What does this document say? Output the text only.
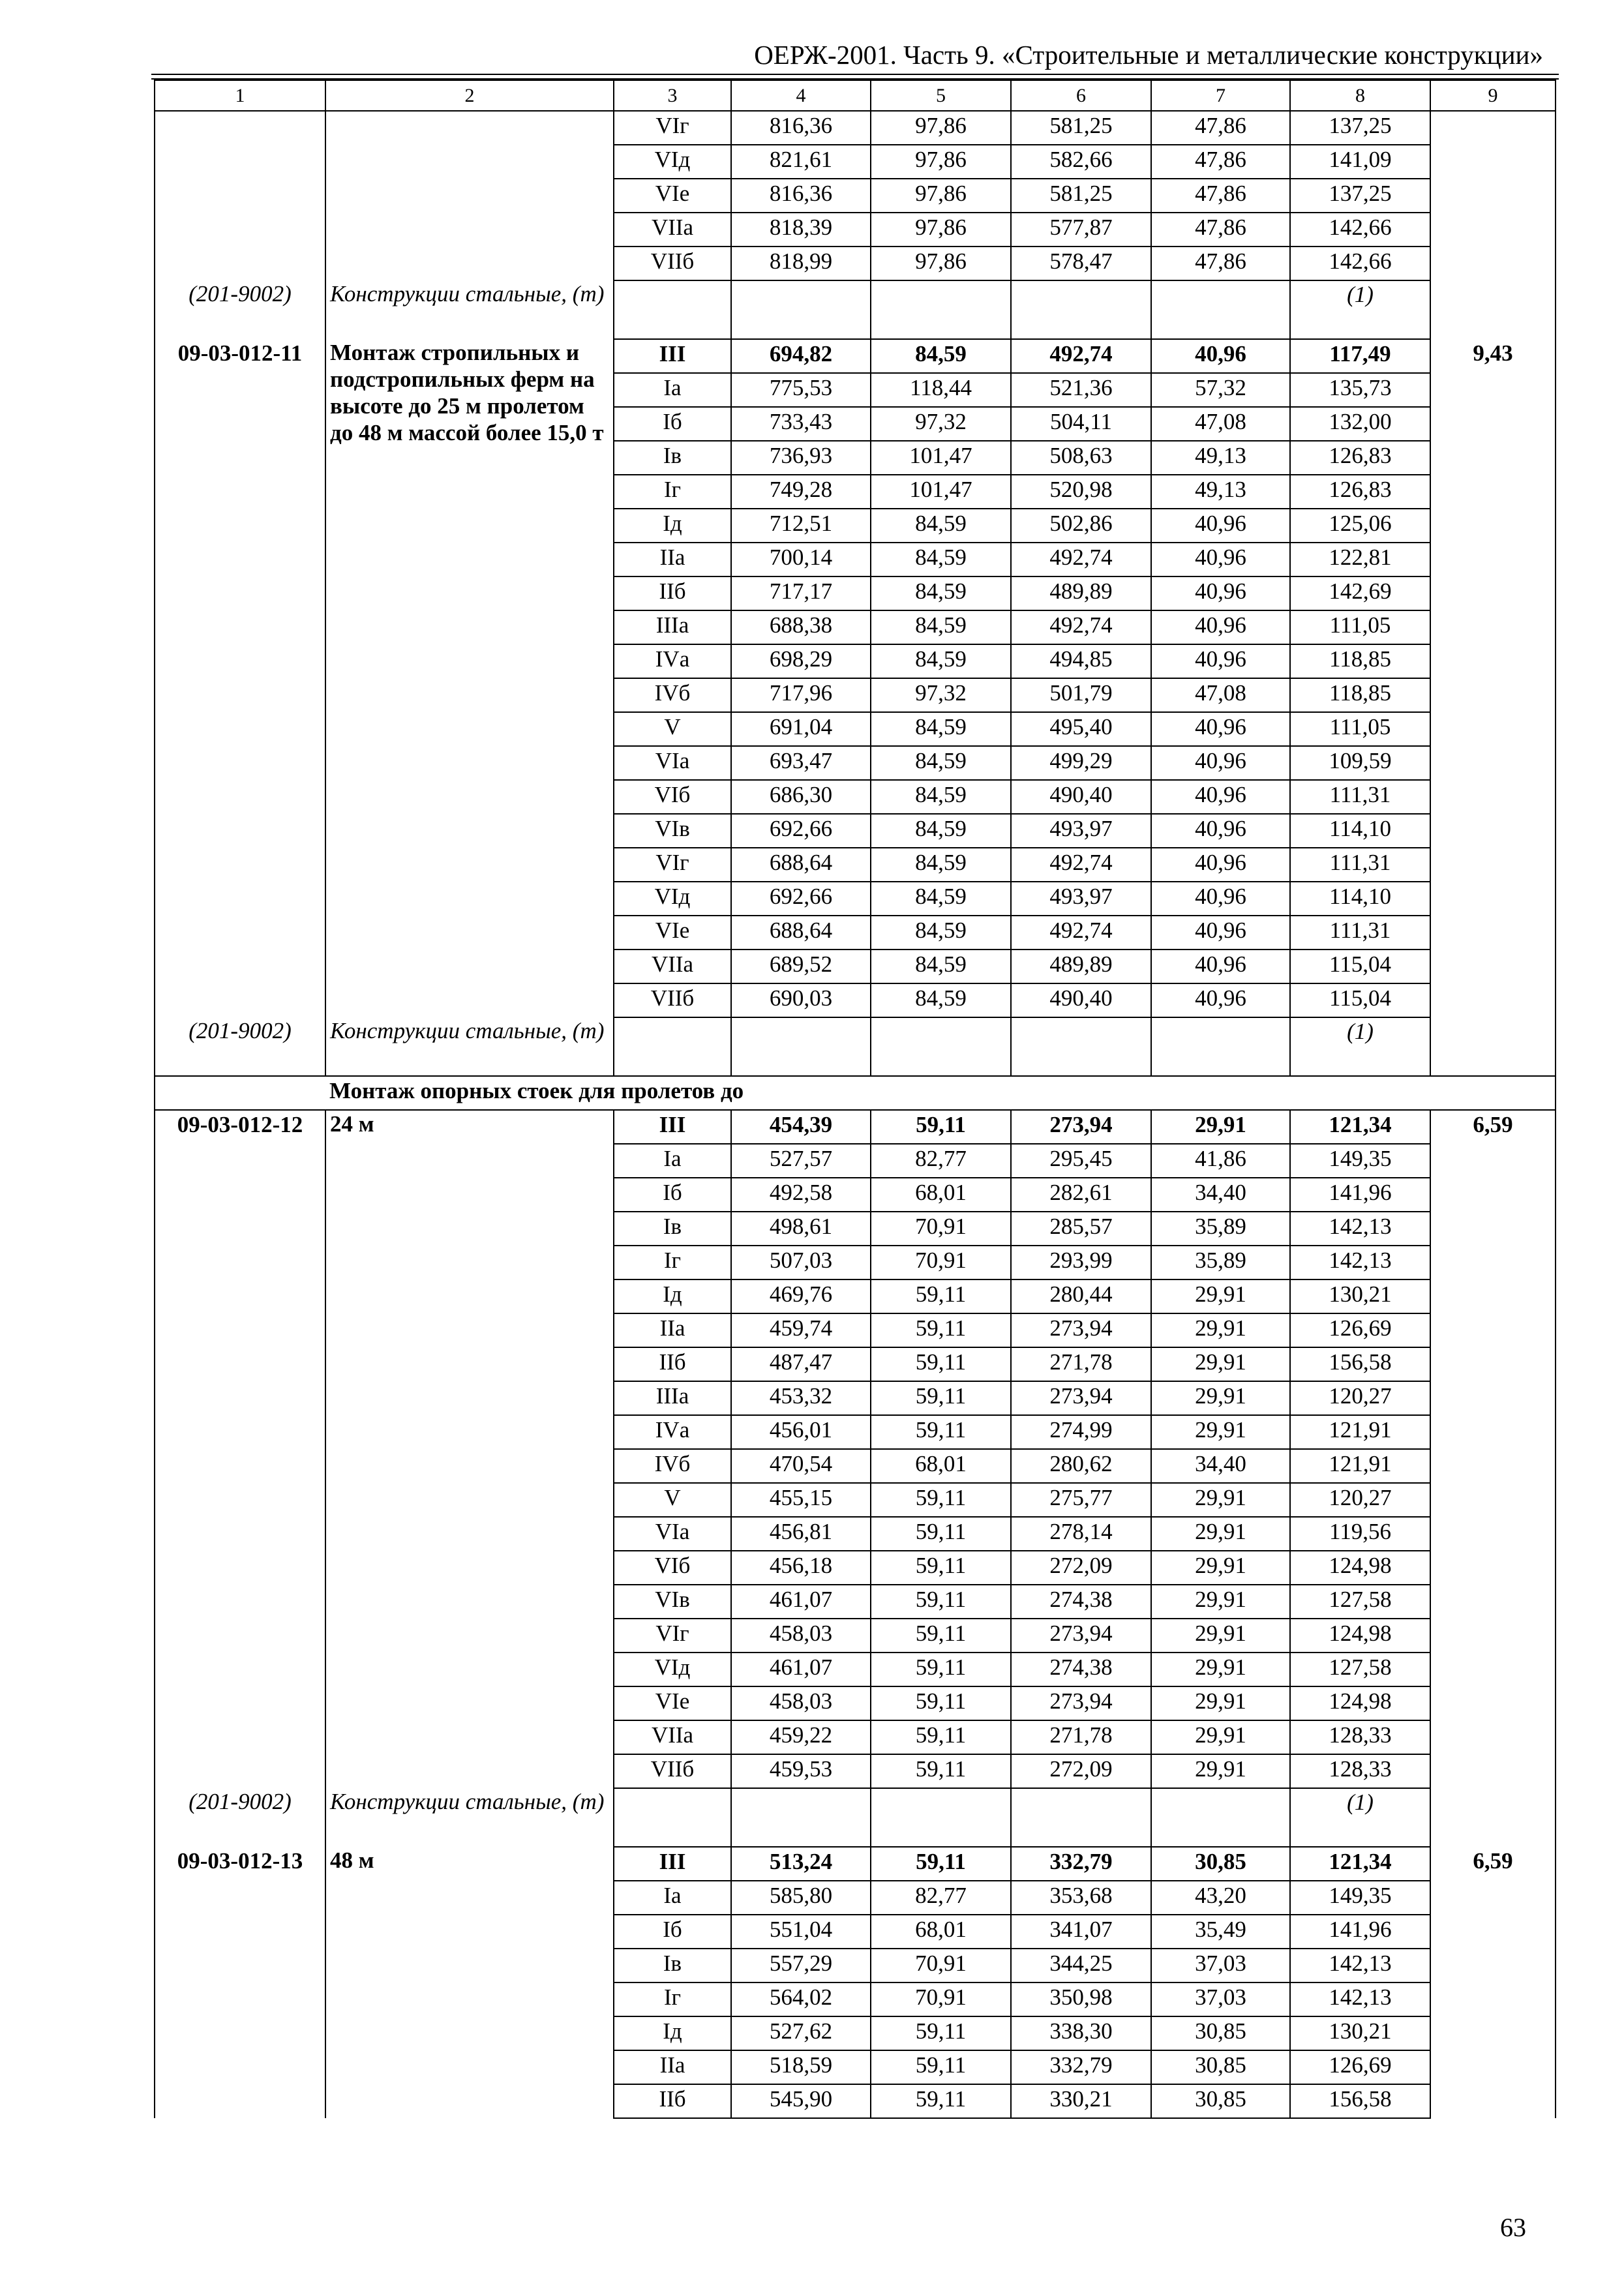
ОЕРЖ-2001. Часть 9. «Строительные и металлические конструкции»
1	2	3	4	5	6	7	8	9
		VIг	816,36	97,86	581,25	47,86	137,25	
		VIд	821,61	97,86	582,66	47,86	141,09	
		VIе	816,36	97,86	581,25	47,86	137,25	
		VIIа	818,39	97,86	577,87	47,86	142,66	
		VIIб	818,99	97,86	578,47	47,86	142,66	
(201-9002)	Конструкции стальные, (т)						(1)	
09-03-012-11	Монтаж стропильных и подстропильных ферм на высоте до 25 м пролетом до 48 м массой более 15,0 т	III	694,82	84,59	492,74	40,96	117,49	9,43
		Iа	775,53	118,44	521,36	57,32	135,73	
		Iб	733,43	97,32	504,11	47,08	132,00	
		Iв	736,93	101,47	508,63	49,13	126,83	
		Iг	749,28	101,47	520,98	49,13	126,83	
		Iд	712,51	84,59	502,86	40,96	125,06	
		IIа	700,14	84,59	492,74	40,96	122,81	
		IIб	717,17	84,59	489,89	40,96	142,69	
		IIIа	688,38	84,59	492,74	40,96	111,05	
		IVа	698,29	84,59	494,85	40,96	118,85	
		IVб	717,96	97,32	501,79	47,08	118,85	
		V	691,04	84,59	495,40	40,96	111,05	
		VIа	693,47	84,59	499,29	40,96	109,59	
		VIб	686,30	84,59	490,40	40,96	111,31	
		VIв	692,66	84,59	493,97	40,96	114,10	
		VIг	688,64	84,59	492,74	40,96	111,31	
		VIд	692,66	84,59	493,97	40,96	114,10	
		VIе	688,64	84,59	492,74	40,96	111,31	
		VIIа	689,52	84,59	489,89	40,96	115,04	
		VIIб	690,03	84,59	490,40	40,96	115,04	
(201-9002)	Конструкции стальные, (т)						(1)	
	Монтаж опорных стоек для пролетов до							
09-03-012-12	24 м	III	454,39	59,11	273,94	29,91	121,34	6,59
		Iа	527,57	82,77	295,45	41,86	149,35	
		Iб	492,58	68,01	282,61	34,40	141,96	
		Iв	498,61	70,91	285,57	35,89	142,13	
		Iг	507,03	70,91	293,99	35,89	142,13	
		Iд	469,76	59,11	280,44	29,91	130,21	
		IIа	459,74	59,11	273,94	29,91	126,69	
		IIб	487,47	59,11	271,78	29,91	156,58	
		IIIа	453,32	59,11	273,94	29,91	120,27	
		IVа	456,01	59,11	274,99	29,91	121,91	
		IVб	470,54	68,01	280,62	34,40	121,91	
		V	455,15	59,11	275,77	29,91	120,27	
		VIа	456,81	59,11	278,14	29,91	119,56	
		VIб	456,18	59,11	272,09	29,91	124,98	
		VIв	461,07	59,11	274,38	29,91	127,58	
		VIг	458,03	59,11	273,94	29,91	124,98	
		VIд	461,07	59,11	274,38	29,91	127,58	
		VIе	458,03	59,11	273,94	29,91	124,98	
		VIIа	459,22	59,11	271,78	29,91	128,33	
		VIIб	459,53	59,11	272,09	29,91	128,33	
(201-9002)	Конструкции стальные, (т)						(1)	
09-03-012-13	48 м	III	513,24	59,11	332,79	30,85	121,34	6,59
		Iа	585,80	82,77	353,68	43,20	149,35	
		Iб	551,04	68,01	341,07	35,49	141,96	
		Iв	557,29	70,91	344,25	37,03	142,13	
		Iг	564,02	70,91	350,98	37,03	142,13	
		Iд	527,62	59,11	338,30	30,85	130,21	
		IIа	518,59	59,11	332,79	30,85	126,69	
		IIб	545,90	59,11	330,21	30,85	156,58	
63
